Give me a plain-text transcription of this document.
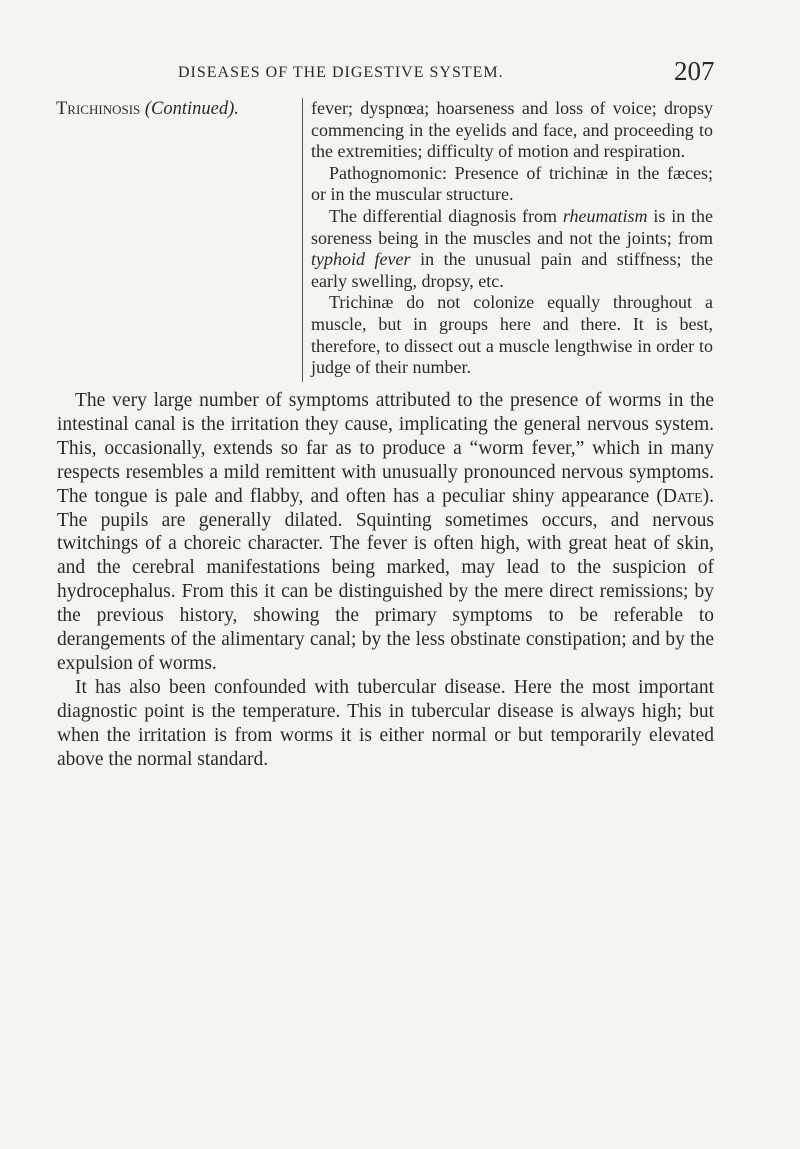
DISEASES OF THE DIGESTIVE SYSTEM.	207
Trichinosis (Continued).	fever; dyspnœa; hoarseness and loss of voice; dropsy commencing in the eyelids and face, and proceeding to the extremities; difficulty of motion and respiration.

Pathognomonic: Presence of trichinæ in the fæces; or in the muscular structure.

The differential diagnosis from rheumatism is in the soreness being in the muscles and not the joints; from typhoid fever in the unusual pain and stiffness; the early swelling, dropsy, etc.

Trichinæ do not colonize equally throughout a muscle, but in groups here and there. It is best, therefore, to dissect out a muscle lengthwise in order to judge of their number.

The very large number of symptoms attributed to the presence of worms in the intestinal canal is the irritation they cause, implicating the general nervous system. This, occasionally, extends so far as to produce a “worm fever,” which in many respects resembles a mild remittent with unusually pronounced nervous symptoms. The tongue is pale and flabby, and often has a peculiar shiny appearance (Date). The pupils are generally dilated. Squinting sometimes occurs, and nervous twitchings of a choreic character. The fever is often high, with great heat of skin, and the cerebral manifestations being marked, may lead to the suspicion of hydrocephalus. From this it can be distinguished by the mere direct remissions; by the previous history, showing the primary symptoms to be referable to derangements of the alimentary canal; by the less obstinate constipation; and by the expulsion of worms.

It has also been confounded with tubercular disease. Here the most important diagnostic point is the temperature. This in tubercular disease is always high; but when the irritation is from worms it is either normal or but temporarily elevated above the normal standard.
